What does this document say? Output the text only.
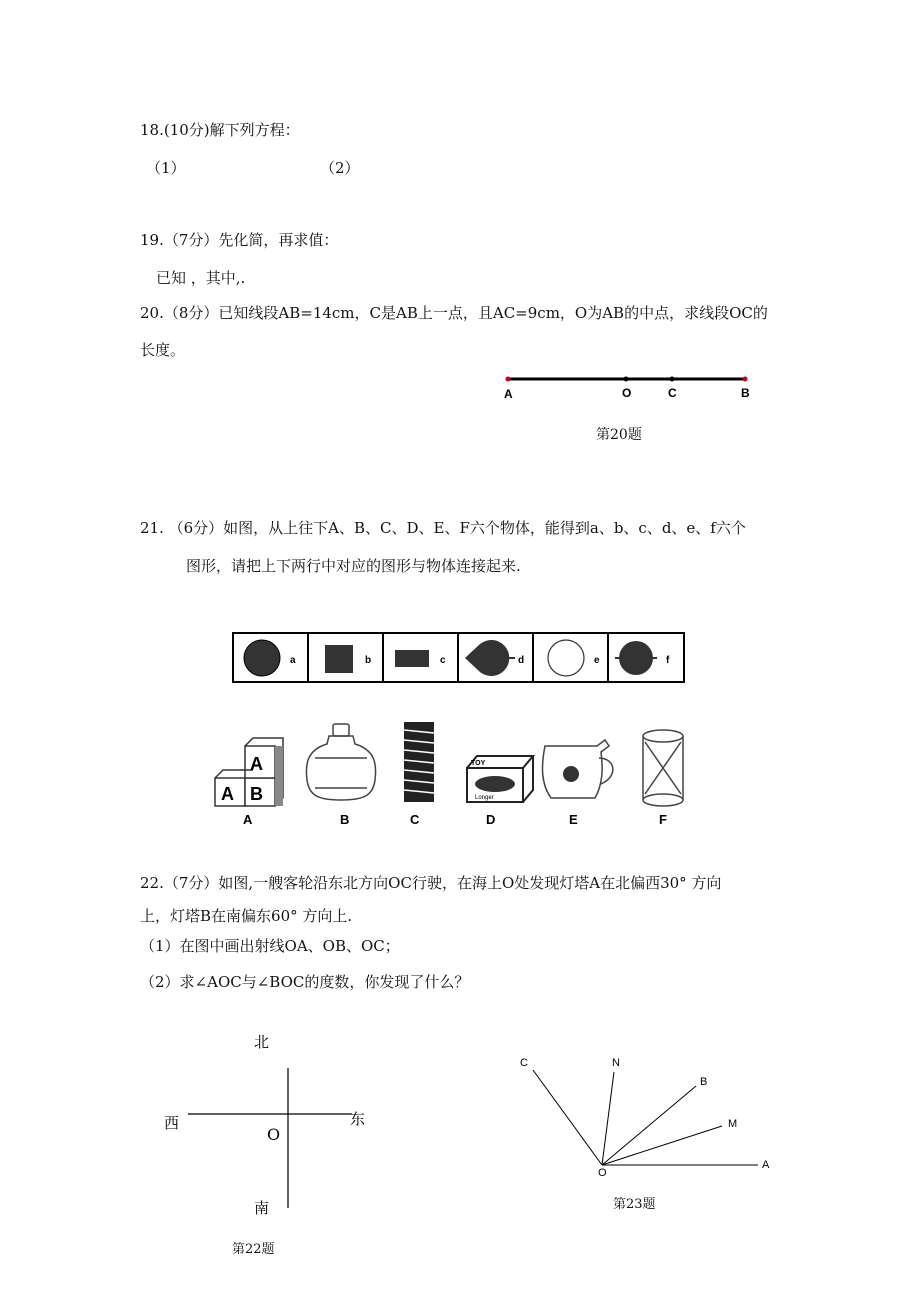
18.(10分)解下列方程：
（1）	（2）
19.（7分）先化简，再求值：
已知 ，其中,.
20.（8分）已知线段AB=14cm，C是AB上一点，且AC=9cm，O为AB的中点，求线段OC的
长度。
A	O	C	B
第20题
21. （6分）如图，从上往下A、B、C、D、E、F六个物体，能得到a、b、c、d、e、f六个
图形，请把上下两行中对应的图形与物体连接起来.
a	b	c	d	e	f
A
A
B
A	B	C
TOY
Longer
D	E	F
22.（7分）如图,一艘客轮沿东北方向OC行驶，在海上O处发现灯塔A在北偏西30° 方向
上，灯塔B在南偏东60° 方向上.
（1）在图中画出射线OA、OB、OC；
（2）求∠AOC与∠BOC的度数，你发现了什么？
北
西	东
O
南
第22题
C	N
B
M
A
O
第23题
